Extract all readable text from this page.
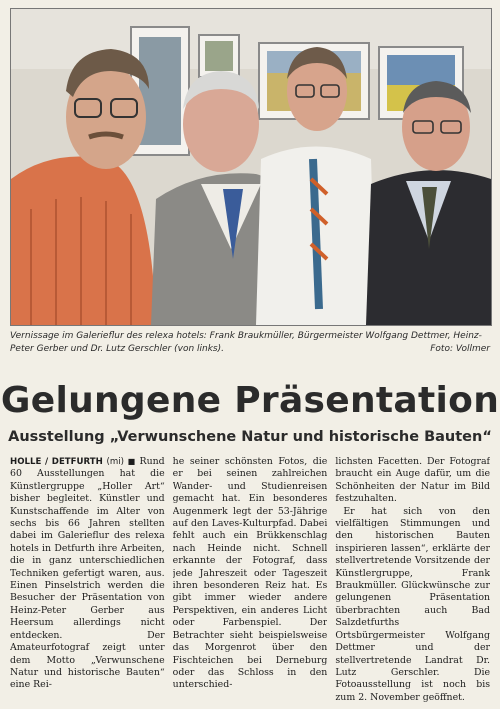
Vernissage im Galerieflur des relexa hotels: Frank Braukmüller, Bürgermeister Wolfgang Dettmer, Heinz-Peter Gerber und Dr. Lutz Gerschler (von links).	Foto: Vollmer
Gelungene Präsentation
Ausstellung „Verwunschene Natur und historische Bauten“

HOLLE / DETFURTH (mi) ■ Rund 60 Ausstellungen hat die Künstlergruppe „Holler Art“ bisher begleitet. Künstler und Kunstschaffende im Alter von sechs bis 66 Jahren stellten dabei im Galerieflur des relexa hotels in Detfurth ihre Arbeiten, die in ganz unterschiedlichen Techniken gefertigt waren, aus. Einen Pinselstrich werden die Besucher der Präsentation von Heinz-Peter Gerber aus Heersum allerdings nicht entdecken. Der Amateurfotograf zeigt unter dem Motto „Verwunschene Natur und historische Bauten“ eine Rei-

he seiner schönsten Fotos, die er bei seinen zahlreichen Wander- und Studienreisen gemacht hat. Ein besonderes Augenmerk legt der 53-Jährige auf den Laves-Kulturpfad. Dabei fehlt auch ein Brükkenschlag nach Heinde nicht. Schnell erkannte der Fotograf, dass jede Jahreszeit oder Tageszeit ihren besonderen Reiz hat. Es gibt immer wieder andere Perspektiven, ein anderes Licht oder Farbenspiel. Der Betrachter sieht beispielsweise das Morgenrot über den Fischteichen bei Derneburg oder das Schloss in den unterschied-

lichsten Facetten. Der Fotograf braucht ein Auge dafür, um die Schönheiten der Natur im Bild festzuhalten.

Er hat sich von den vielfältigen Stimmungen und den historischen Bauten inspirieren lassen“, erklärte der stellvertretende Vorsitzende der Künstlergruppe, Frank Braukmüller. Glückwünsche zur gelungenen Präsentation überbrachten auch Bad Salzdetfurths Ortsbürgermeister Wolfgang Dettmer und der stellvertretende Landrat Dr. Lutz Gerschler. Die Fotoausstellung ist noch bis zum 2. November geöffnet.
